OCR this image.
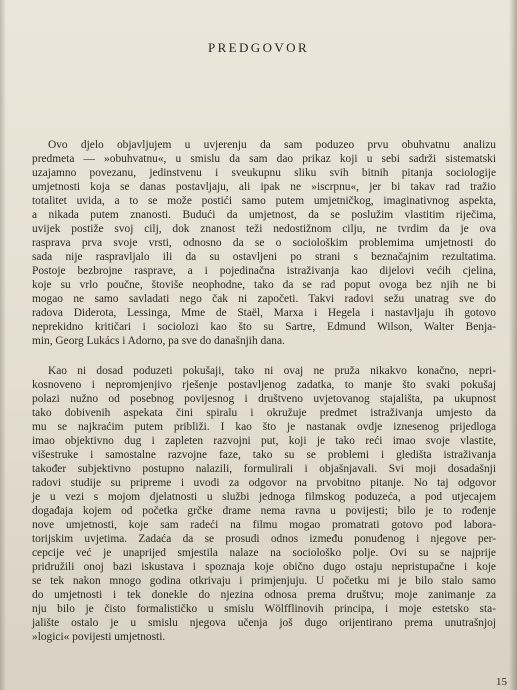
PREDGOVOR
Ovo djelo objavljujem u uvjerenju da sam poduzeo prvu obuhvatnu analizu
predmeta — »obuhvatnu«, u smislu da sam dao prikaz koji u sebi sadrži sistematski
uzajamno povezanu, jedinstvenu i sveukupnu sliku svih bitnih pitanja sociologije
umjetnosti koja se danas postavljaju, ali ipak ne »iscrpnu«, jer bi takav rad tražio
totalitet uvida, a to se može postići samo putem umjetničkog, imaginativnog aspekta,
a nikada putem znanosti. Budući da umjetnost, da se poslužim vlastitim riječima,
uvijek postiže svoj cilj, dok znanost teži nedostižnom cilju, ne tvrdim da je ova
rasprava prva svoje vrsti, odnosno da se o sociološkim problemima umjetnosti do
sada nije raspravljalo ili da su ostavljeni po strani s beznačajnim rezultatima.
Postoje bezbrojne rasprave, a i pojedinačna istraživanja kao dijelovi većih cjelina,
koje su vrlo poučne, štoviše neophodne, tako da se rad poput ovoga bez njih ne bi
mogao ne samo savladati nego čak ni započeti. Takvi radovi sežu unatrag sve do
radova Diderota, Lessinga, Mme de Staël, Marxa i Hegela i nastavljaju ih gotovo
neprekidno kritičari i sociolozi kao što su Sartre, Edmund Wilson, Walter Benja-
min, Georg Lukács i Adorno, pa sve do današnjih dana.
Kao ni dosad poduzeti pokušaji, tako ni ovaj ne pruža nikakvo konačno, nepri-
kosnoveno i nepromjenjivo rješenje postavljenog zadatka, to manje što svaki pokušaj
polazi nužno od posebnog povijesnog i društveno uvjetovanog stajališta, pa ukupnost
tako dobivenih aspekata čini spiralu i okružuje predmet istraživanja umjesto da
mu se najkraćim putem približi. I kao što je nastanak ovdje iznesenog prijedloga
imao objektivno dug i zapleten razvojni put, koji je tako reći imao svoje vlastite,
višestruke i samostalne razvojne faze, tako su se problemi i gledišta istraživanja
također subjektivno postupno nalazili, formulirali i objašnjavali. Svi moji dosadašnji
radovi studije su pripreme i uvodi za odgovor na prvobitno pitanje. No taj odgovor
je u vezi s mojom djelatnosti u službi jednoga filmskog poduzeća, a pod utjecajem
događaja kojem od početka grčke drame nema ravna u povijesti; bilo je to rođenje
nove umjetnosti, koje sam radeći na filmu mogao promatrati gotovo pod labora-
torijskim uvjetima. Zadaća da se prosudi odnos između ponuđenog i njegove per-
cepcije već je unaprijed smjestila nalaze na sociološko polje. Ovi su se najprije
pridružili onoj bazi iskustava i spoznaja koje obično dugo ostaju nepristupačne i koje
se tek nakon mnogo godina otkrivaju i primjenjuju. U početku mi je bilo stalo samo
do umjetnosti i tek donekle do njezina odnosa prema društvu; moje zanimanje za
nju bilo je čisto formalističko u smislu Wölfflinovih principa, i moje estetsko sta-
jalište ostalo je u smislu njegova učenja još dugo orijentirano prema unutrašnjoj
»logici« povijesti umjetnosti.
15
